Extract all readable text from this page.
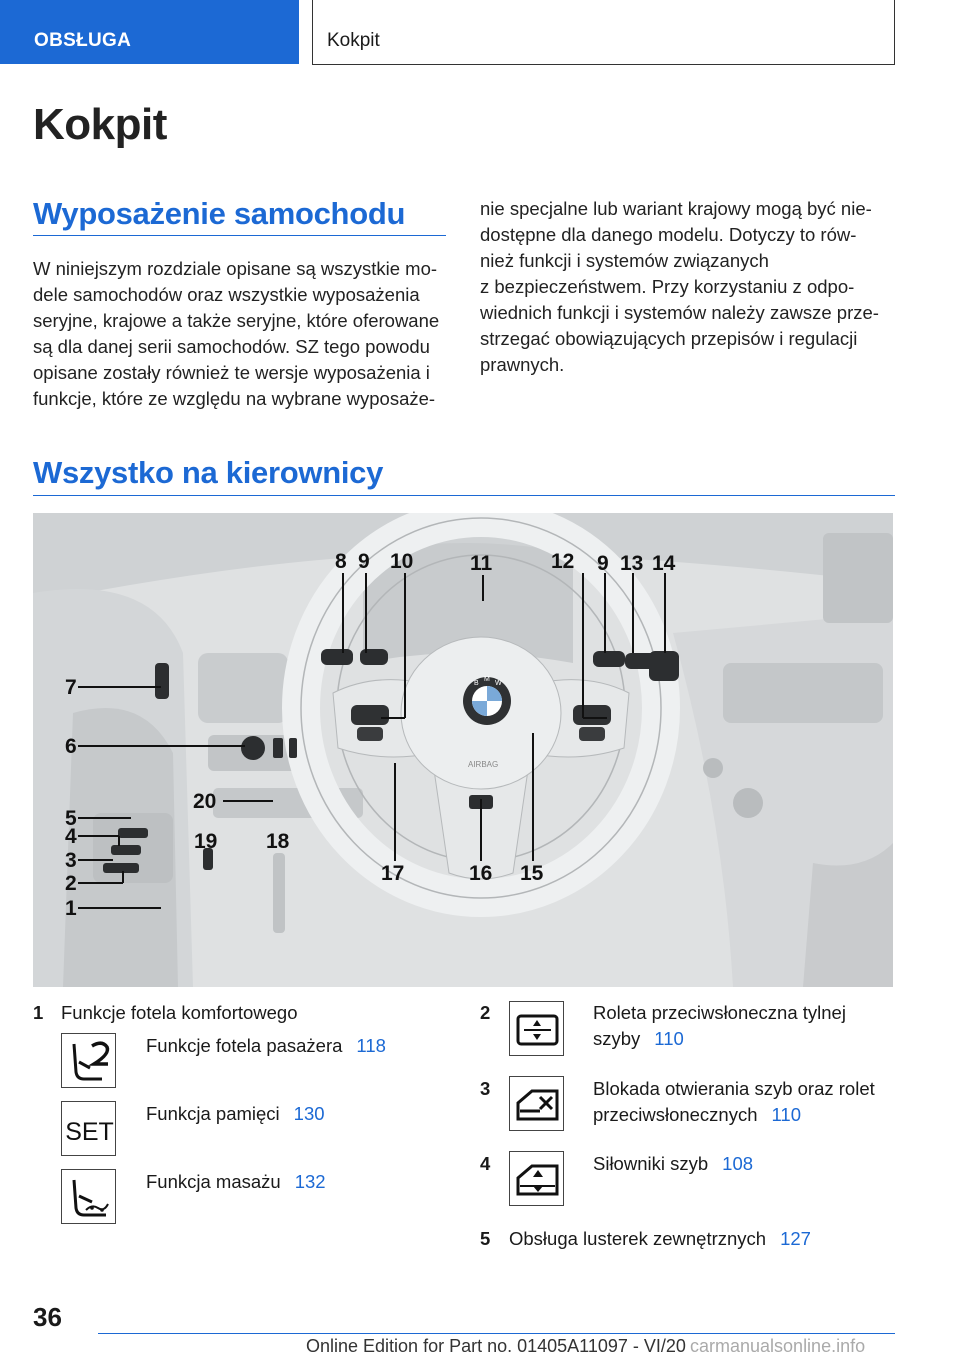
OBSŁUGA	Kokpit
Kokpit
Wyposażenie samochodu
W niniejszym rozdziale opisane są wszystkie mo-
dele samochodów oraz wszystkie wyposażenia
seryjne, krajowe a także seryjne, które oferowane
są dla danej serii samochodów. SZ tego powodu
opisane zostały również te wersje wyposażenia i
funkcje, które ze względu na wybrane wyposaże-
nie specjalne lub wariant krajowy mogą być nie-
dostępne dla danego modelu. Dotyczy to rów-
nież funkcji i systemów związanych
z bezpieczeństwem. Przy korzystaniu z odpo-
wiednich funkcji i systemów należy zawsze prze-
strzegać obowiązujących przepisów i regulacji
prawnych.
Wszystko na kierownicy
B
M
W
AIRBAG
7
6
5
4
3
2
1
8 9 10	11	12 9 13 14
15
16
17
18
19
20
1 Funkcje fotela komfortowego
Funkcje fotela pasażera 118
SET
Funkcja pamięci 130
Funkcja masażu 132
2	Roleta przeciwsłoneczna tylnej
szyby 110
3	Blokada otwierania szyb oraz rolet
przeciwsłonecznych 110
4	Siłowniki szyb 108
5 Obsługa lusterek zewnętrznych 127
36
Online Edition for Part no. 01405A11097 - VI/20 carmanualsonline.info
